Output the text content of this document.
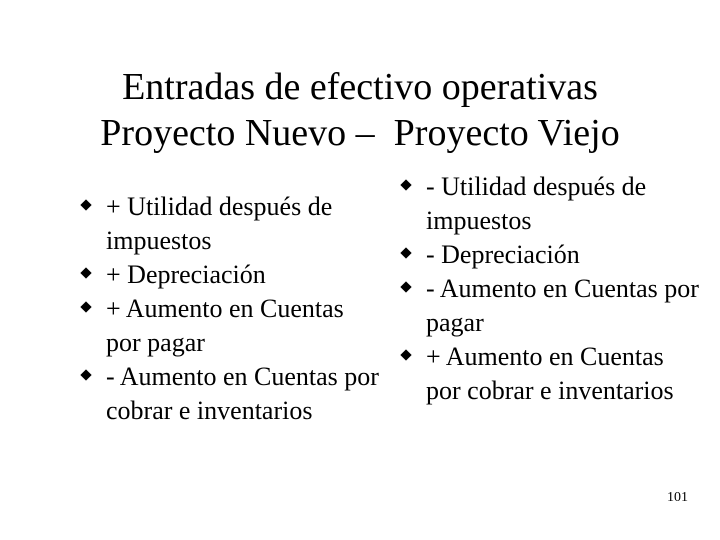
Entradas de efectivo operativas
Proyecto Nuevo –  Proyecto Viejo
+ Utilidad después de impuestos
+ Depreciación
+ Aumento en Cuentas por pagar
- Aumento en Cuentas por cobrar e inventarios
- Utilidad después de impuestos
- Depreciación
- Aumento en Cuentas por pagar
+ Aumento en Cuentas por cobrar e inventarios
101
